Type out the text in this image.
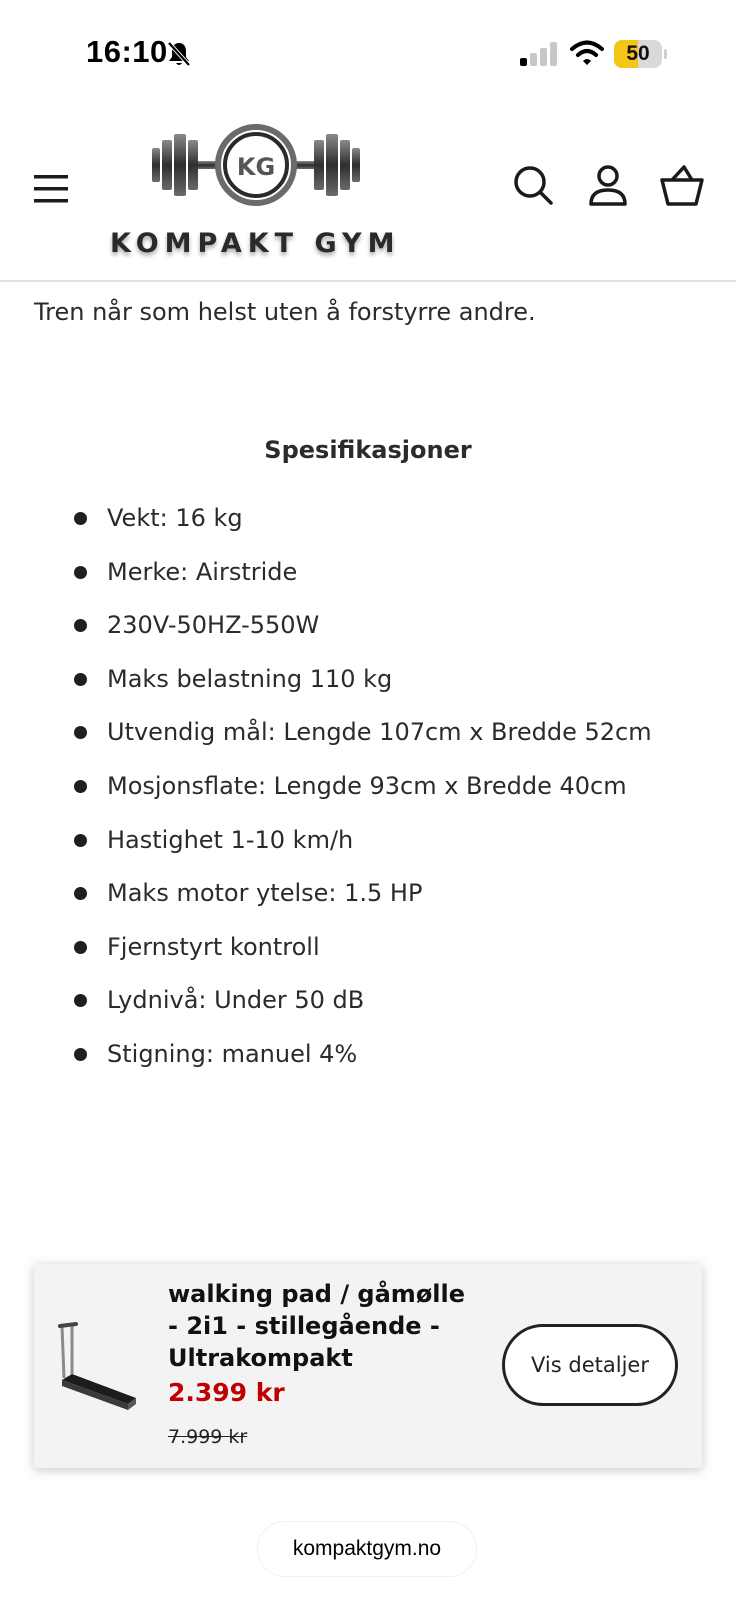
16:10	50
KG
KOMPAKT GYM
Tren når som helst uten å forstyrre andre.
Spesifikasjoner
Vekt: 16 kg
Merke: Airstride
230V-50HZ-550W
Maks belastning 110 kg
Utvendig mål: Lengde 107cm x Bredde 52cm
Mosjonsflate: Lengde 93cm x Bredde 40cm
Hastighet 1-10 km/h
Maks motor ytelse: 1.5 HP
Fjernstyrt kontroll
Lydnivå: Under 50 dB
Stigning: manuel 4%
walking pad / gåmølle - 2i1 - stillegående - Ultrakompakt
2.399 kr
7.999 kr
Vis detaljer
kompaktgym.no
